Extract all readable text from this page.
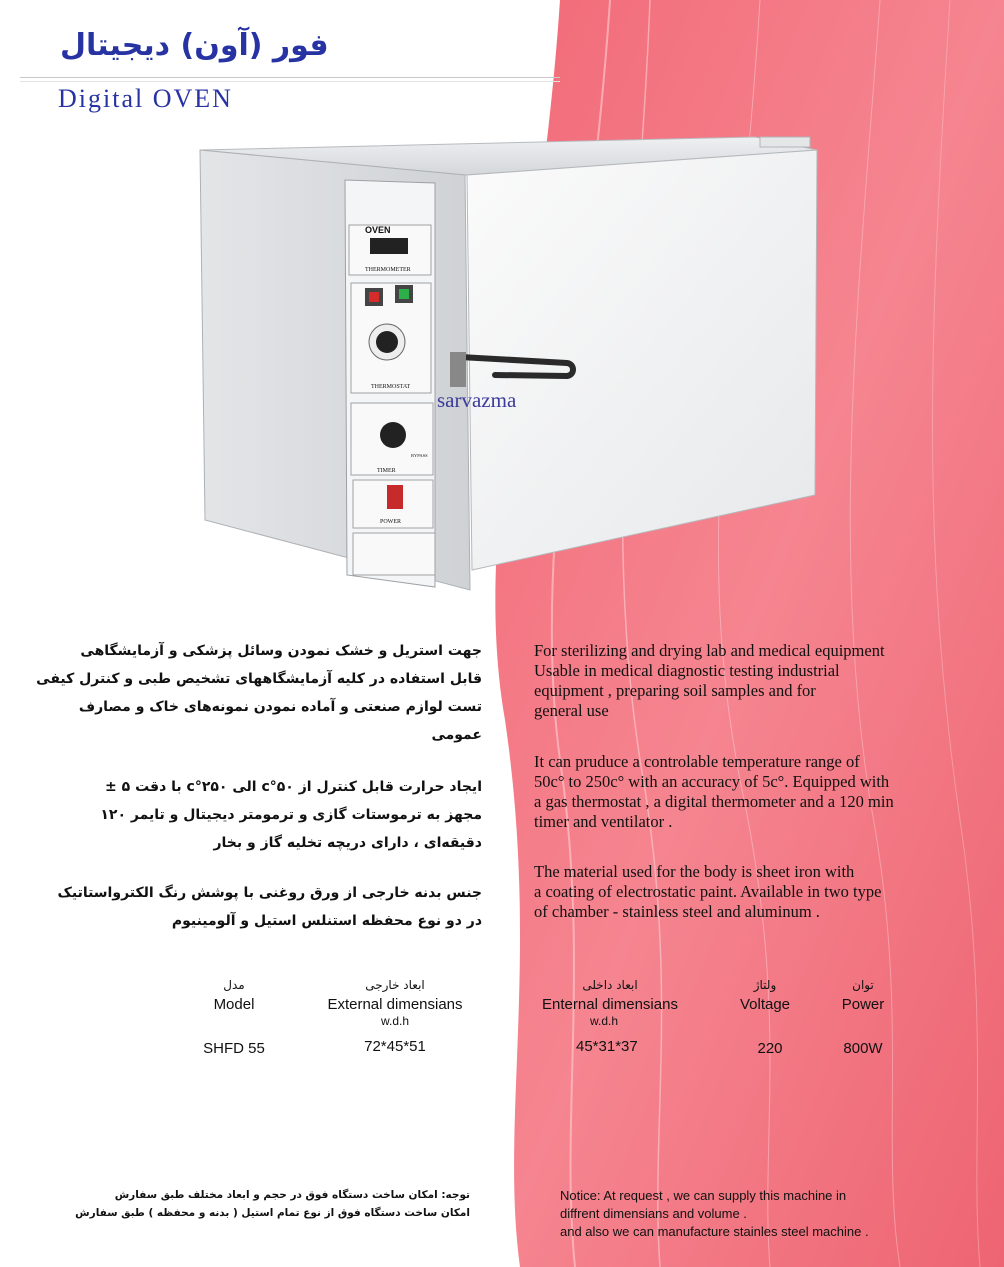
فور (آون) دیجیتال
Digital OVEN
OVEN
THERMOMETER
THERMOSTAT
TIMER
BYPASS
POWER
sarvazma
جهت استریل و خشک نمودن وسائل پزشکی و آزمایشگاهی
قابل استفاده در کلیه آزمایشگاههای تشخیص طبی و کنترل کیفی
تست لوازم صنعتی و آماده نمودن نمونه‌های خاک و مصارف عمومی
ایجاد حرارت قابل کنترل از ۵۰°c الی ۲۵۰°c با دقت ۵ ±
مجهز به ترموستات گازی و ترمومتر دیجیتال و تایمر ۱۲۰
دقیقه‌ای ، دارای دریچه تخلیه گاز و بخار
جنس بدنه خارجی از ورق روغنی با پوشش رنگ الکترواستاتیک
در دو نوع محفظه استنلس استیل و آلومینیوم
For sterilizing and drying lab and medical equipment
Usable in medical diagnostic testing industrial
equipment , preparing soil samples and for
general use
It can pruduce a controlable temperature range of
50c° to 250c° with an accuracy of 5c°. Equipped with
a gas thermostat , a digital thermometer and a 120 min
timer and ventilator .
The material used for the body is sheet iron with
a coating of electrostatic paint. Available in two type
of chamber - stainless steel and aluminum .
مدل
Model
SHFD 55
ابعاد خارجی
External dimensians
w.d.h
72*45*51
ابعاد داخلی
Enternal dimensians
w.d.h
45*31*37
ولتاژ
Voltage
220
توان
Power
800W
توجه: امکان ساخت دستگاه فوق در حجم و ابعاد مختلف طبق سفارش
امکان ساخت دستگاه فوق از نوع تمام استیل ( بدنه و محفظه ) طبق سفارش
Notice: At request , we can supply this machine in
diffrent dimensians and volume .
and also we can manufacture stainles steel machine .
